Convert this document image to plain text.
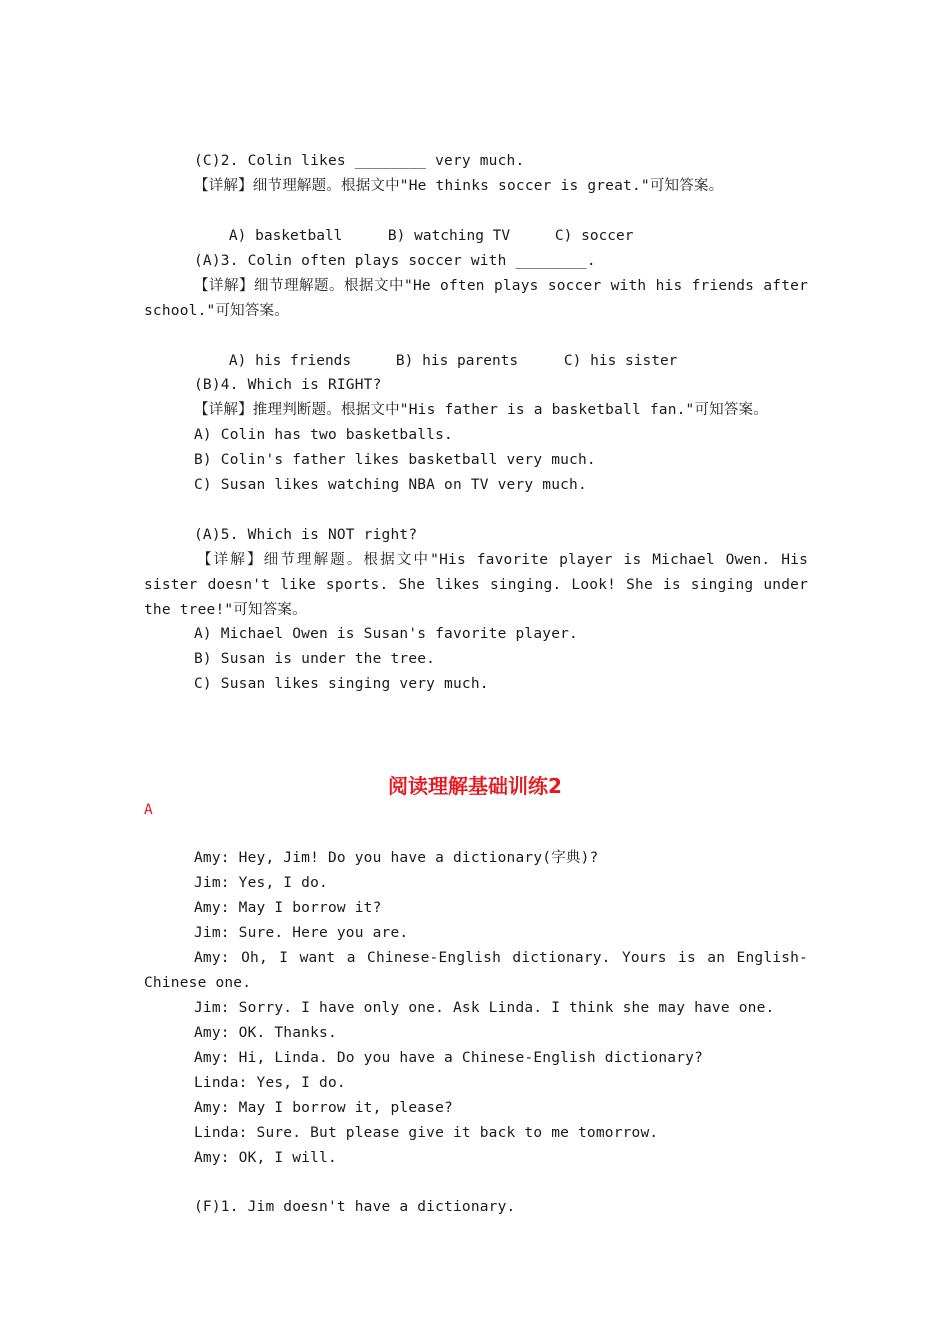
(C)2. Colin likes ________ very much.
【详解】细节理解题。根据文中"He thinks soccer is great."可知答案。

A) basketball	B) watching TV	C) soccer

(A)3. Colin often plays soccer with ________.
【详解】细节理解题。根据文中"He often plays soccer with his friends after school."可知答案。

A) his friends	B) his parents	C) his sister

(B)4. Which is RIGHT?
【详解】推理判断题。根据文中"His father is a basketball fan."可知答案。
A) Colin has two basketballs.
B) Colin's father likes basketball very much.
C) Susan likes watching NBA on TV very much.
(A)5. Which is NOT right?
【详解】细节理解题。根据文中"His favorite player is Michael Owen. His sister doesn't like sports. She likes singing. Look! She is singing under the tree!"可知答案。
A) Michael Owen is Susan's favorite player.
B) Susan is under the tree.
C) Susan likes singing very much.
阅读理解基础训练2
A
Amy: Hey, Jim! Do you have a dictionary(字典)?
Jim: Yes, I do.
Amy: May I borrow it?
Jim: Sure. Here you are.
Amy: Oh, I want a Chinese-English dictionary. Yours is an English-Chinese one.
Jim: Sorry. I have only one. Ask Linda. I think she may have one.
Amy: OK. Thanks.
Amy: Hi, Linda. Do you have a Chinese-English dictionary?
Linda: Yes, I do.
Amy: May I borrow it, please?
Linda: Sure. But please give it back to me tomorrow.
Amy: OK, I will.
(F)1. Jim doesn't have a dictionary.
